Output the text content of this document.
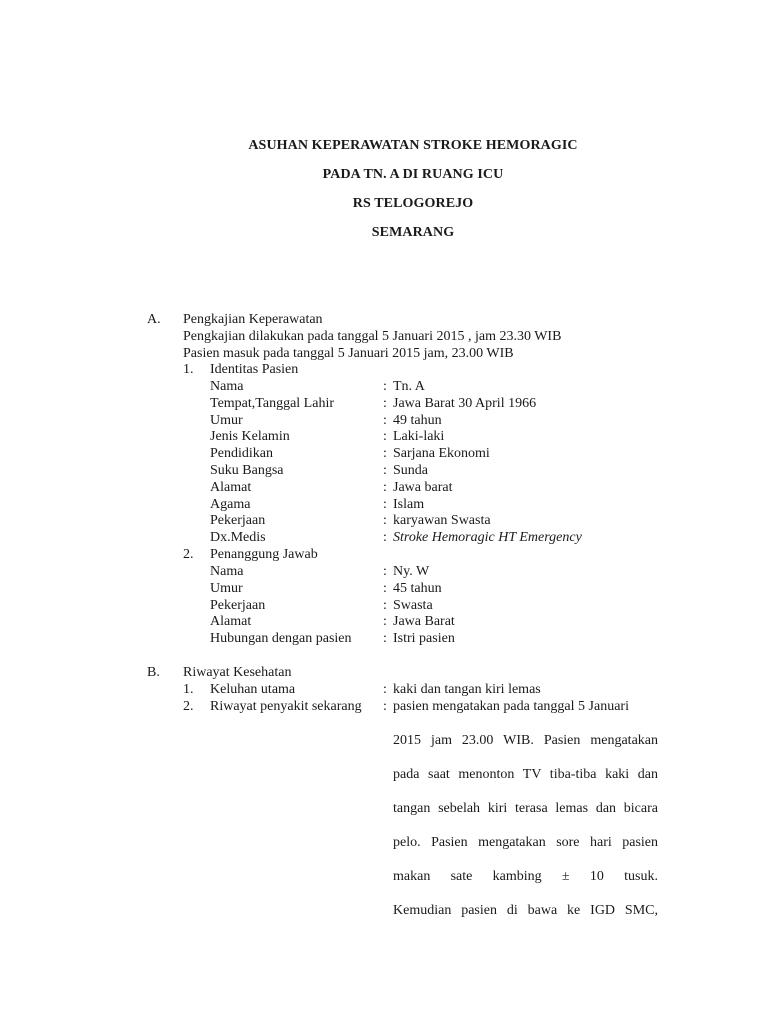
ASUHAN KEPERAWATAN STROKE HEMORAGIC
PADA TN. A DI RUANG ICU
RS TELOGOREJO
SEMARANG
A. Pengkajian Keperawatan
Pengkajian dilakukan pada tanggal 5 Januari 2015 , jam 23.30 WIB
Pasien masuk pada tanggal 5 Januari 2015 jam, 23.00 WIB
1. Identitas Pasien
Nama	: Tn. A
Tempat,Tanggal Lahir	: Jawa Barat 30 April 1966
Umur	: 49 tahun
Jenis Kelamin	: Laki-laki
Pendidikan	: Sarjana Ekonomi
Suku Bangsa	: Sunda
Alamat	: Jawa barat
Agama	: Islam
Pekerjaan	: karyawan Swasta
Dx.Medis	: Stroke Hemoragic HT Emergency
2. Penanggung Jawab
Nama	: Ny. W
Umur	: 45 tahun
Pekerjaan	: Swasta
Alamat	: Jawa Barat
Hubungan dengan pasien : Istri pasien
B. Riwayat Kesehatan
1. Keluhan utama	: kaki dan tangan kiri lemas
2. Riwayat penyakit sekarang : pasien mengatakan pada tanggal 5 Januari
2015 jam 23.00 WIB. Pasien mengatakan
pada saat menonton TV tiba-tiba kaki dan
tangan sebelah kiri terasa lemas dan bicara
pelo. Pasien mengatakan sore hari pasien
makan sate kambing ± 10 tusuk.
Kemudian pasien di bawa ke IGD SMC,
